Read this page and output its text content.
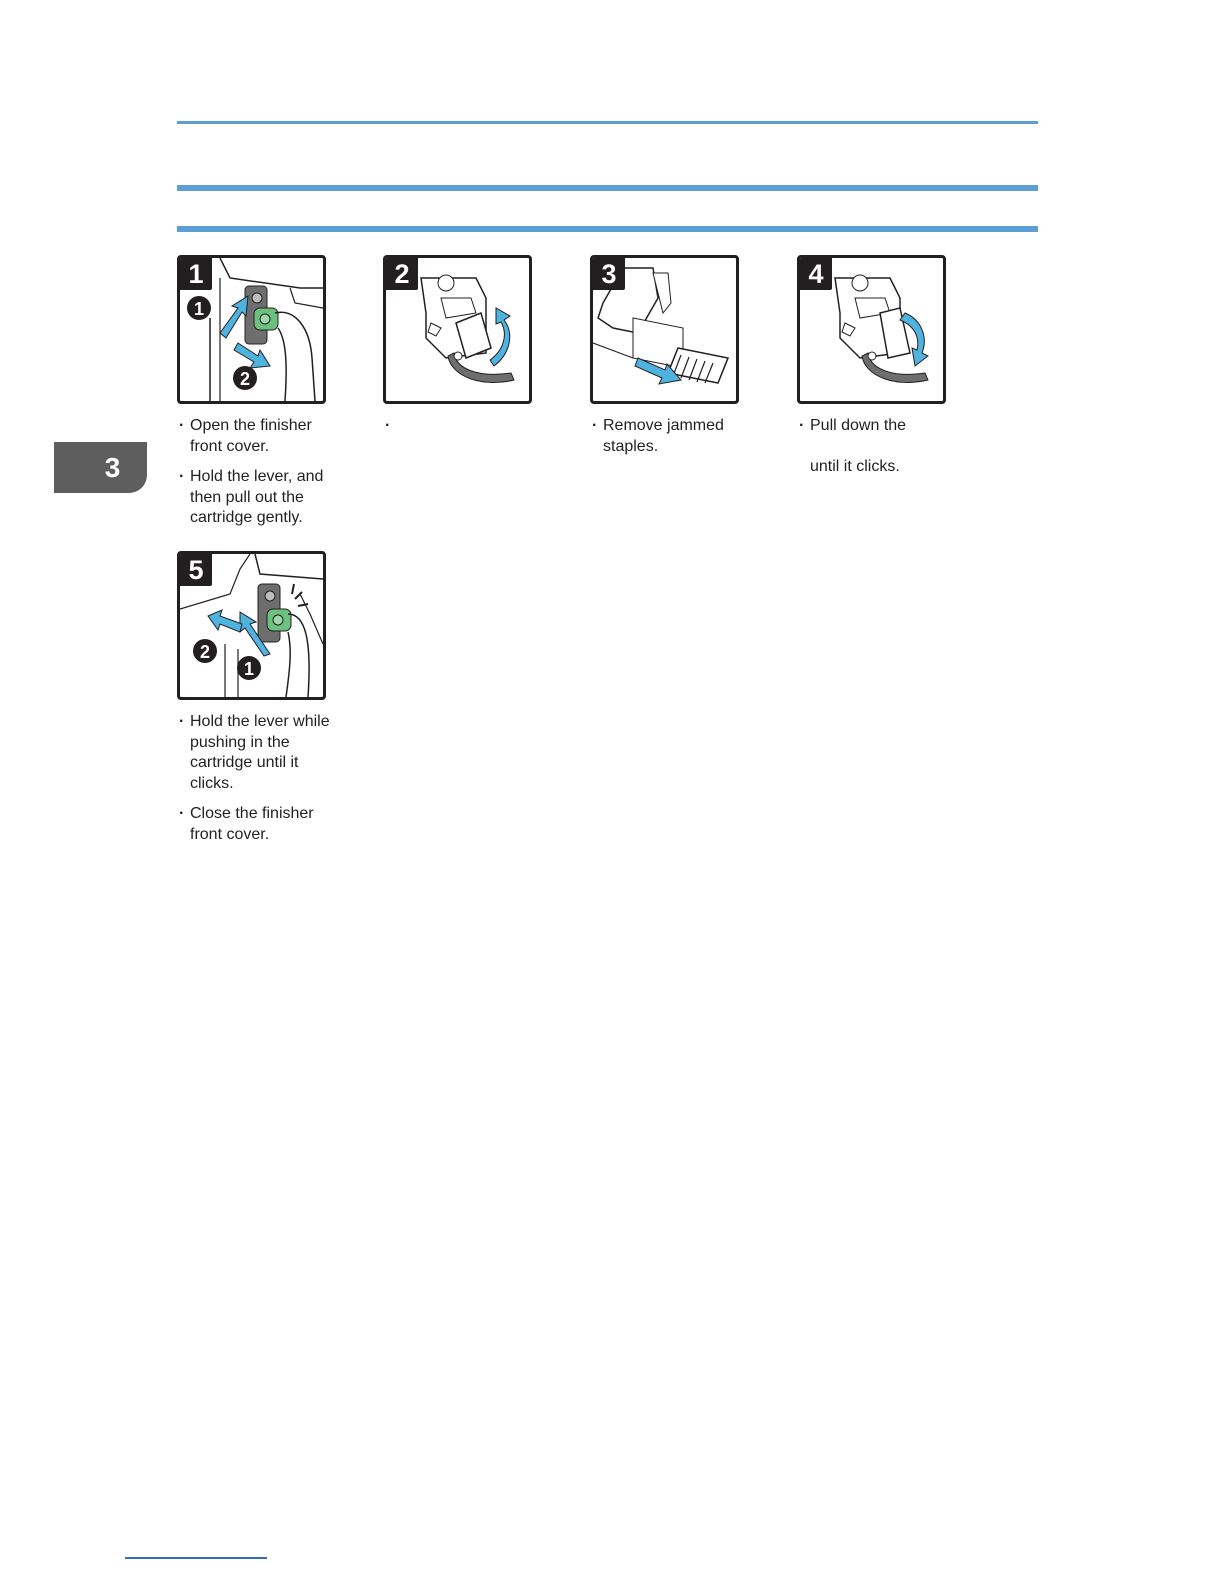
3
1
1
2
· Open the finisher
front cover.
· Hold the lever, and
then pull out the
cartridge gently.
2	3
· Remove jammed
staples.
4
· Pull down the

until it clicks.
5
2
1
· Hold the lever while
pushing in the
cartridge until it
clicks.
· Close the finisher
front cover.
